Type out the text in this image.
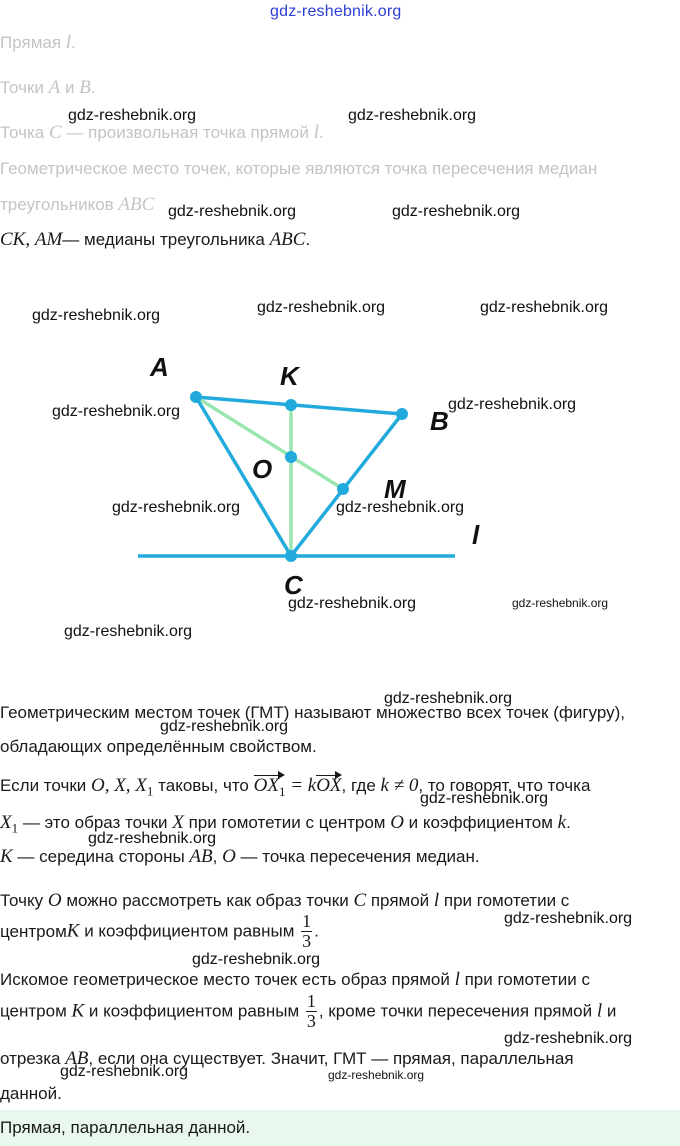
gdz-reshebnik.org
Прямая l.
Точки A и B.
Точка C — произвольная точка прямой l.
Геометрическое место точек, которые являются точка пересечения медиан
треугольников ABC
CK, AM— медианы треугольника ABC.
gdz-reshebnik.org	gdz-reshebnik.org
gdz-reshebnik.org	gdz-reshebnik.org
A	K
B
O
M
l
C
gdz-reshebnik.org	gdz-reshebnik.org	gdz-reshebnik.org
gdz-reshebnik.org	gdz-reshebnik.org
gdz-reshebnik.org	gdz-reshebnik.org
gdz-reshebnik.org	gdz-reshebnik.org
gdz-reshebnik.org
Геометрическим местом точек (ГМТ) называют множество всех точек (фигуру),
обладающих определённым свойством.
Если точки O, X, $X_1$ таковы, что $OX_1$ = kOX, где k ≠ 0, то говорят, что точка
$X_1$ — это образ точки X при гомотетии с центром O и коэффициентом k.
K — середина стороны AB, O — точка пересечения медиан.
Точку O можно рассмотреть как образ точки C прямой l при гомотетии с
центромK и коэффициентом равным $\frac{1}{3}$ .
Искомое геометрическое место точек есть образ прямой l при гомотетии с
центром K и коэффициентом равным $\frac{1}{3}$ , кроме точки пересечения прямой l и
отрезка AB, если она существует. Значит, ГМТ — прямая, параллельная
данной.
gdz-reshebnik.org
gdz-reshebnik.org
gdz-reshebnik.org
gdz-reshebnik.org
gdz-reshebnik.org
gdz-reshebnik.org
gdz-reshebnik.org
gdz-reshebnik.org	gdz-reshebnik.org
Прямая, параллельная данной.
